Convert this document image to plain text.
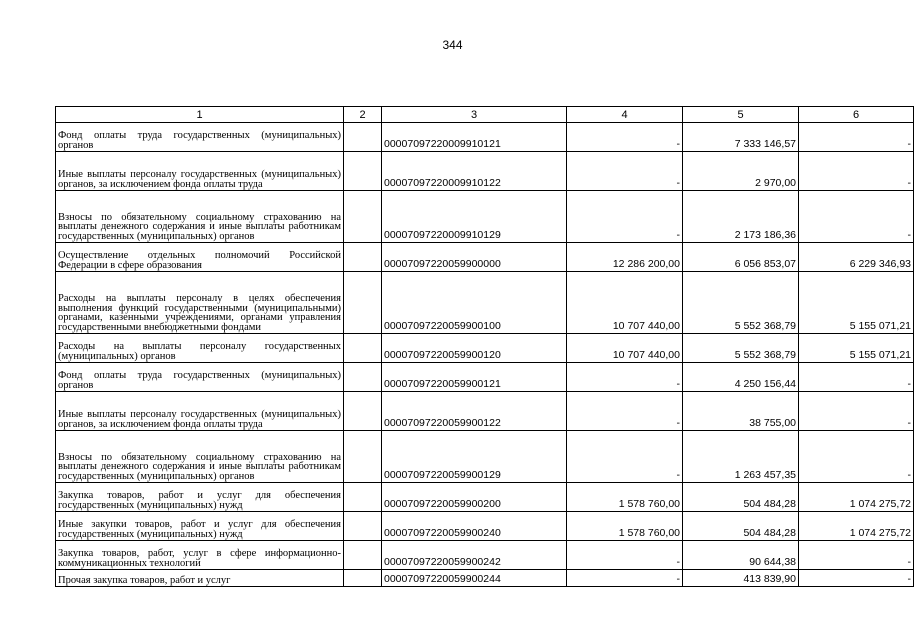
344
1	2	3	4	5	6
Фонд оплаты труда государственных (муниципальных) органов		00007097220009910121	-	7 333 146,57	-
Иные выплаты персоналу государственных (муниципальных) органов, за исключением фонда оплаты труда		00007097220009910122	-	2 970,00	-
Взносы по обязательному социальному страхованию на выплаты денежного содержания и иные выплаты работникам государственных (муниципальных) органов		00007097220009910129	-	2 173 186,36	-
Осуществление отдельных полномочий Российской Федерации в сфере образования		00007097220059900000	12 286 200,00	6 056 853,07	6 229 346,93
Расходы на выплаты персоналу в целях обеспечения выполнения функций государственными (муниципальными) органами, казенными учреждениями, органами управления государственными внебюджетными фондами		00007097220059900100	10 707 440,00	5 552 368,79	5 155 071,21
Расходы на выплаты персоналу государственных (муниципальных) органов		00007097220059900120	10 707 440,00	5 552 368,79	5 155 071,21
Фонд оплаты труда государственных (муниципальных) органов		00007097220059900121	-	4 250 156,44	-
Иные выплаты персоналу государственных (муниципальных) органов, за исключением фонда оплаты труда		00007097220059900122	-	38 755,00	-
Взносы по обязательному социальному страхованию на выплаты денежного содержания и иные выплаты работникам государственных (муниципальных) органов		00007097220059900129	-	1 263 457,35	-
Закупка товаров, работ и услуг для обеспечения государственных (муниципальных) нужд		00007097220059900200	1 578 760,00	504 484,28	1 074 275,72
Иные закупки товаров, работ и услуг для обеспечения государственных (муниципальных) нужд		00007097220059900240	1 578 760,00	504 484,28	1 074 275,72
Закупка товаров, работ, услуг в сфере информационно-коммуникационных технологий		00007097220059900242	-	90 644,38	-
Прочая закупка товаров, работ и услуг		00007097220059900244	-	413 839,90	-
